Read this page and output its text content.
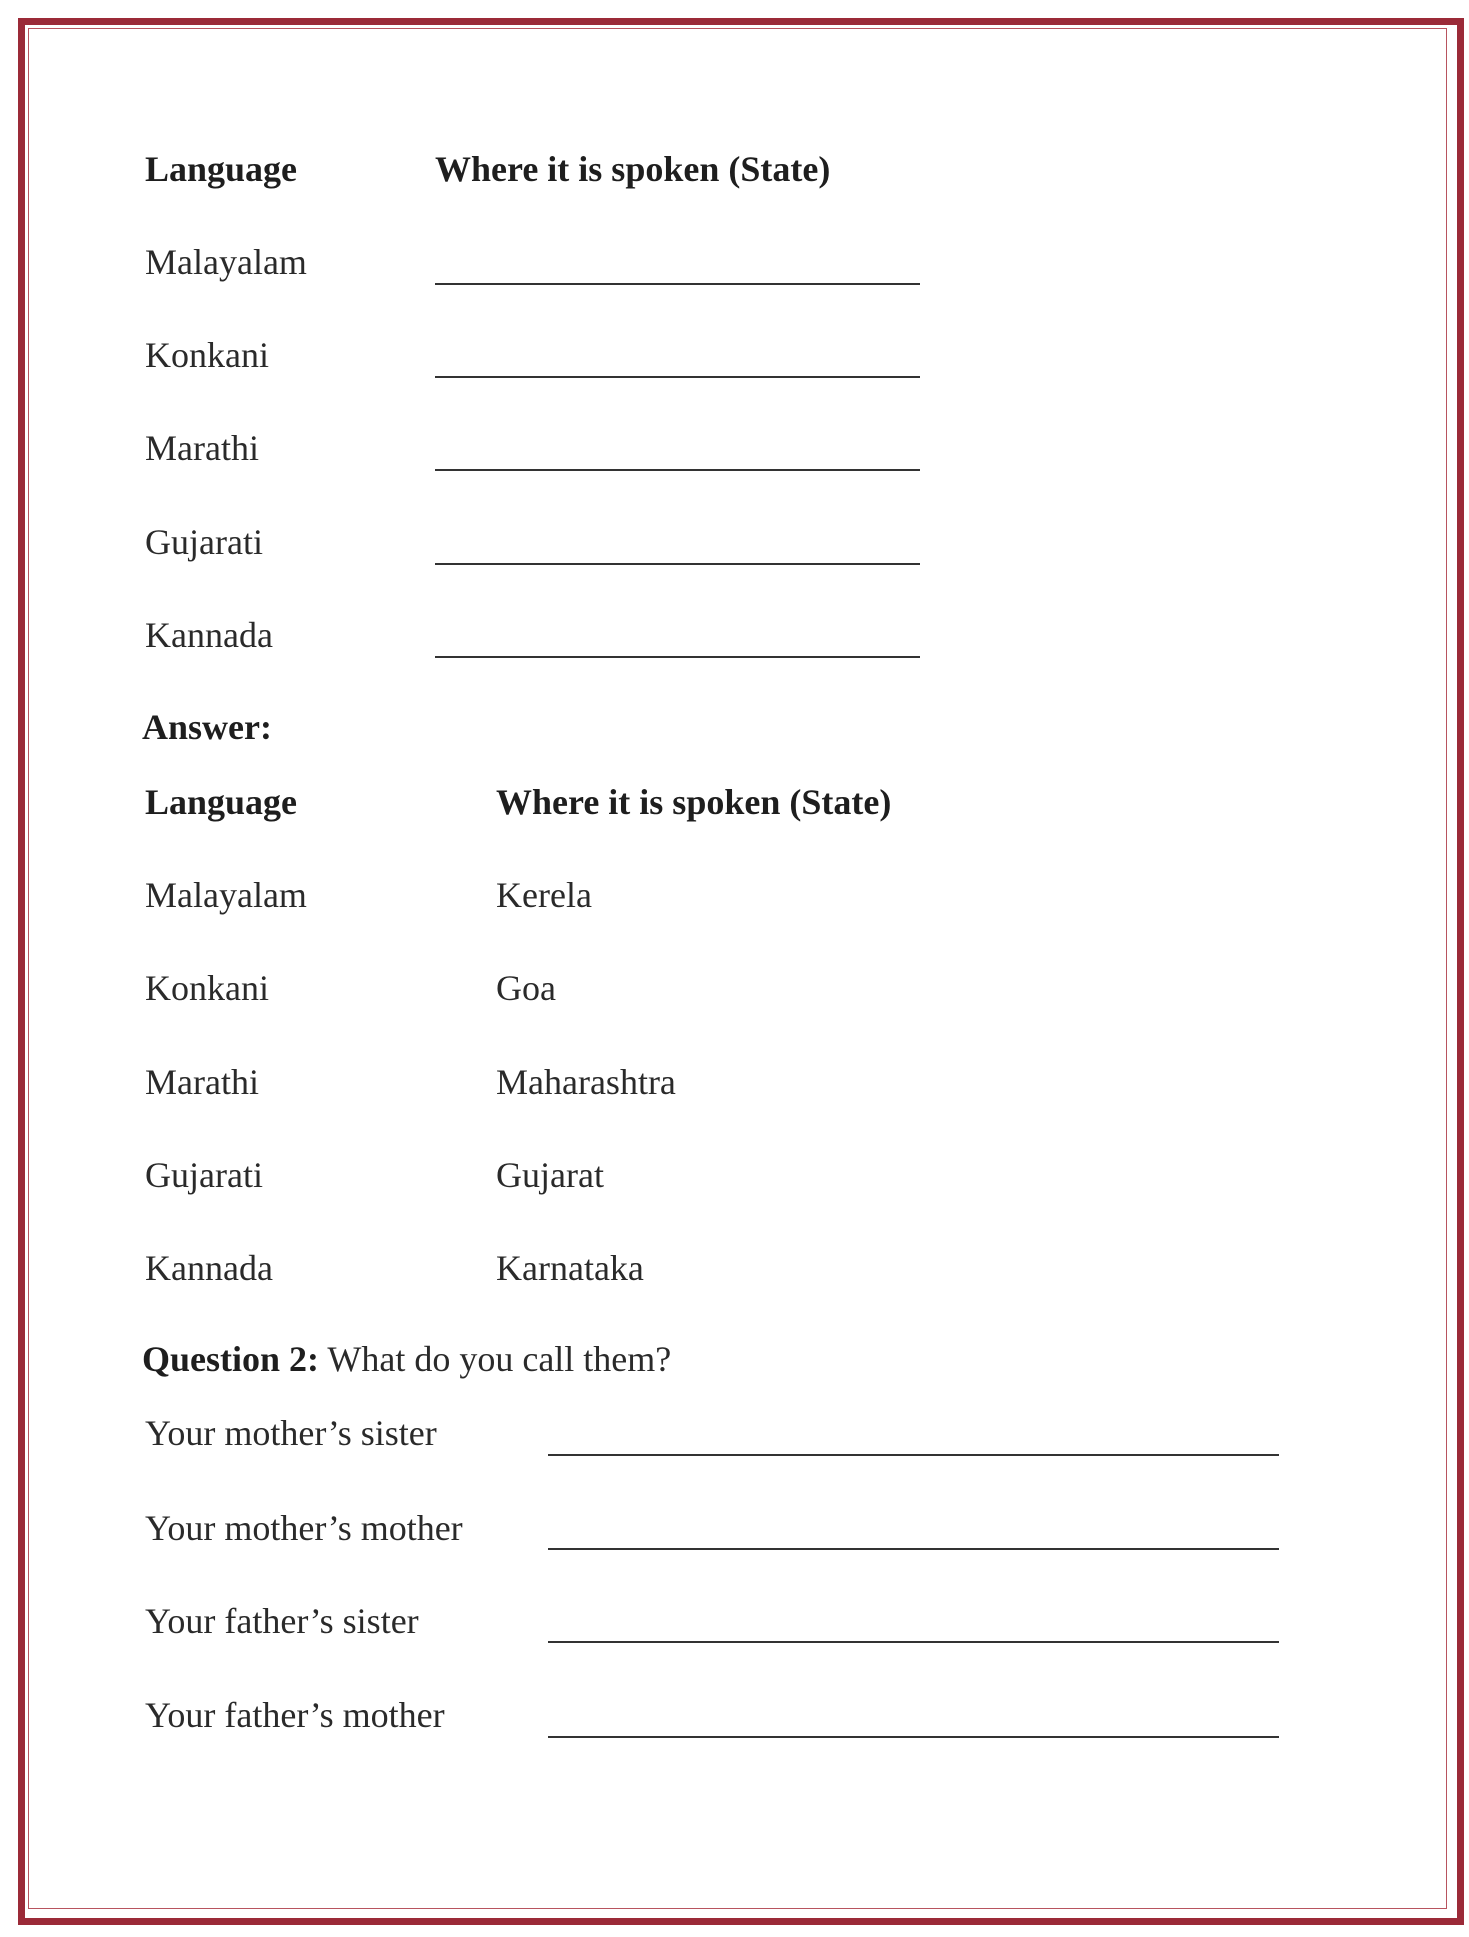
Language	Where it is spoken (State)
Malayalam
Konkani
Marathi
Gujarati
Kannada
Answer:
Language	Where it is spoken (State)
Malayalam	Kerela
Konkani	Goa
Marathi	Maharashtra
Gujarati	Gujarat
Kannada	Karnataka
Question 2: What do you call them?
Your mother’s sister
Your mother’s mother
Your father’s sister
Your father’s mother
